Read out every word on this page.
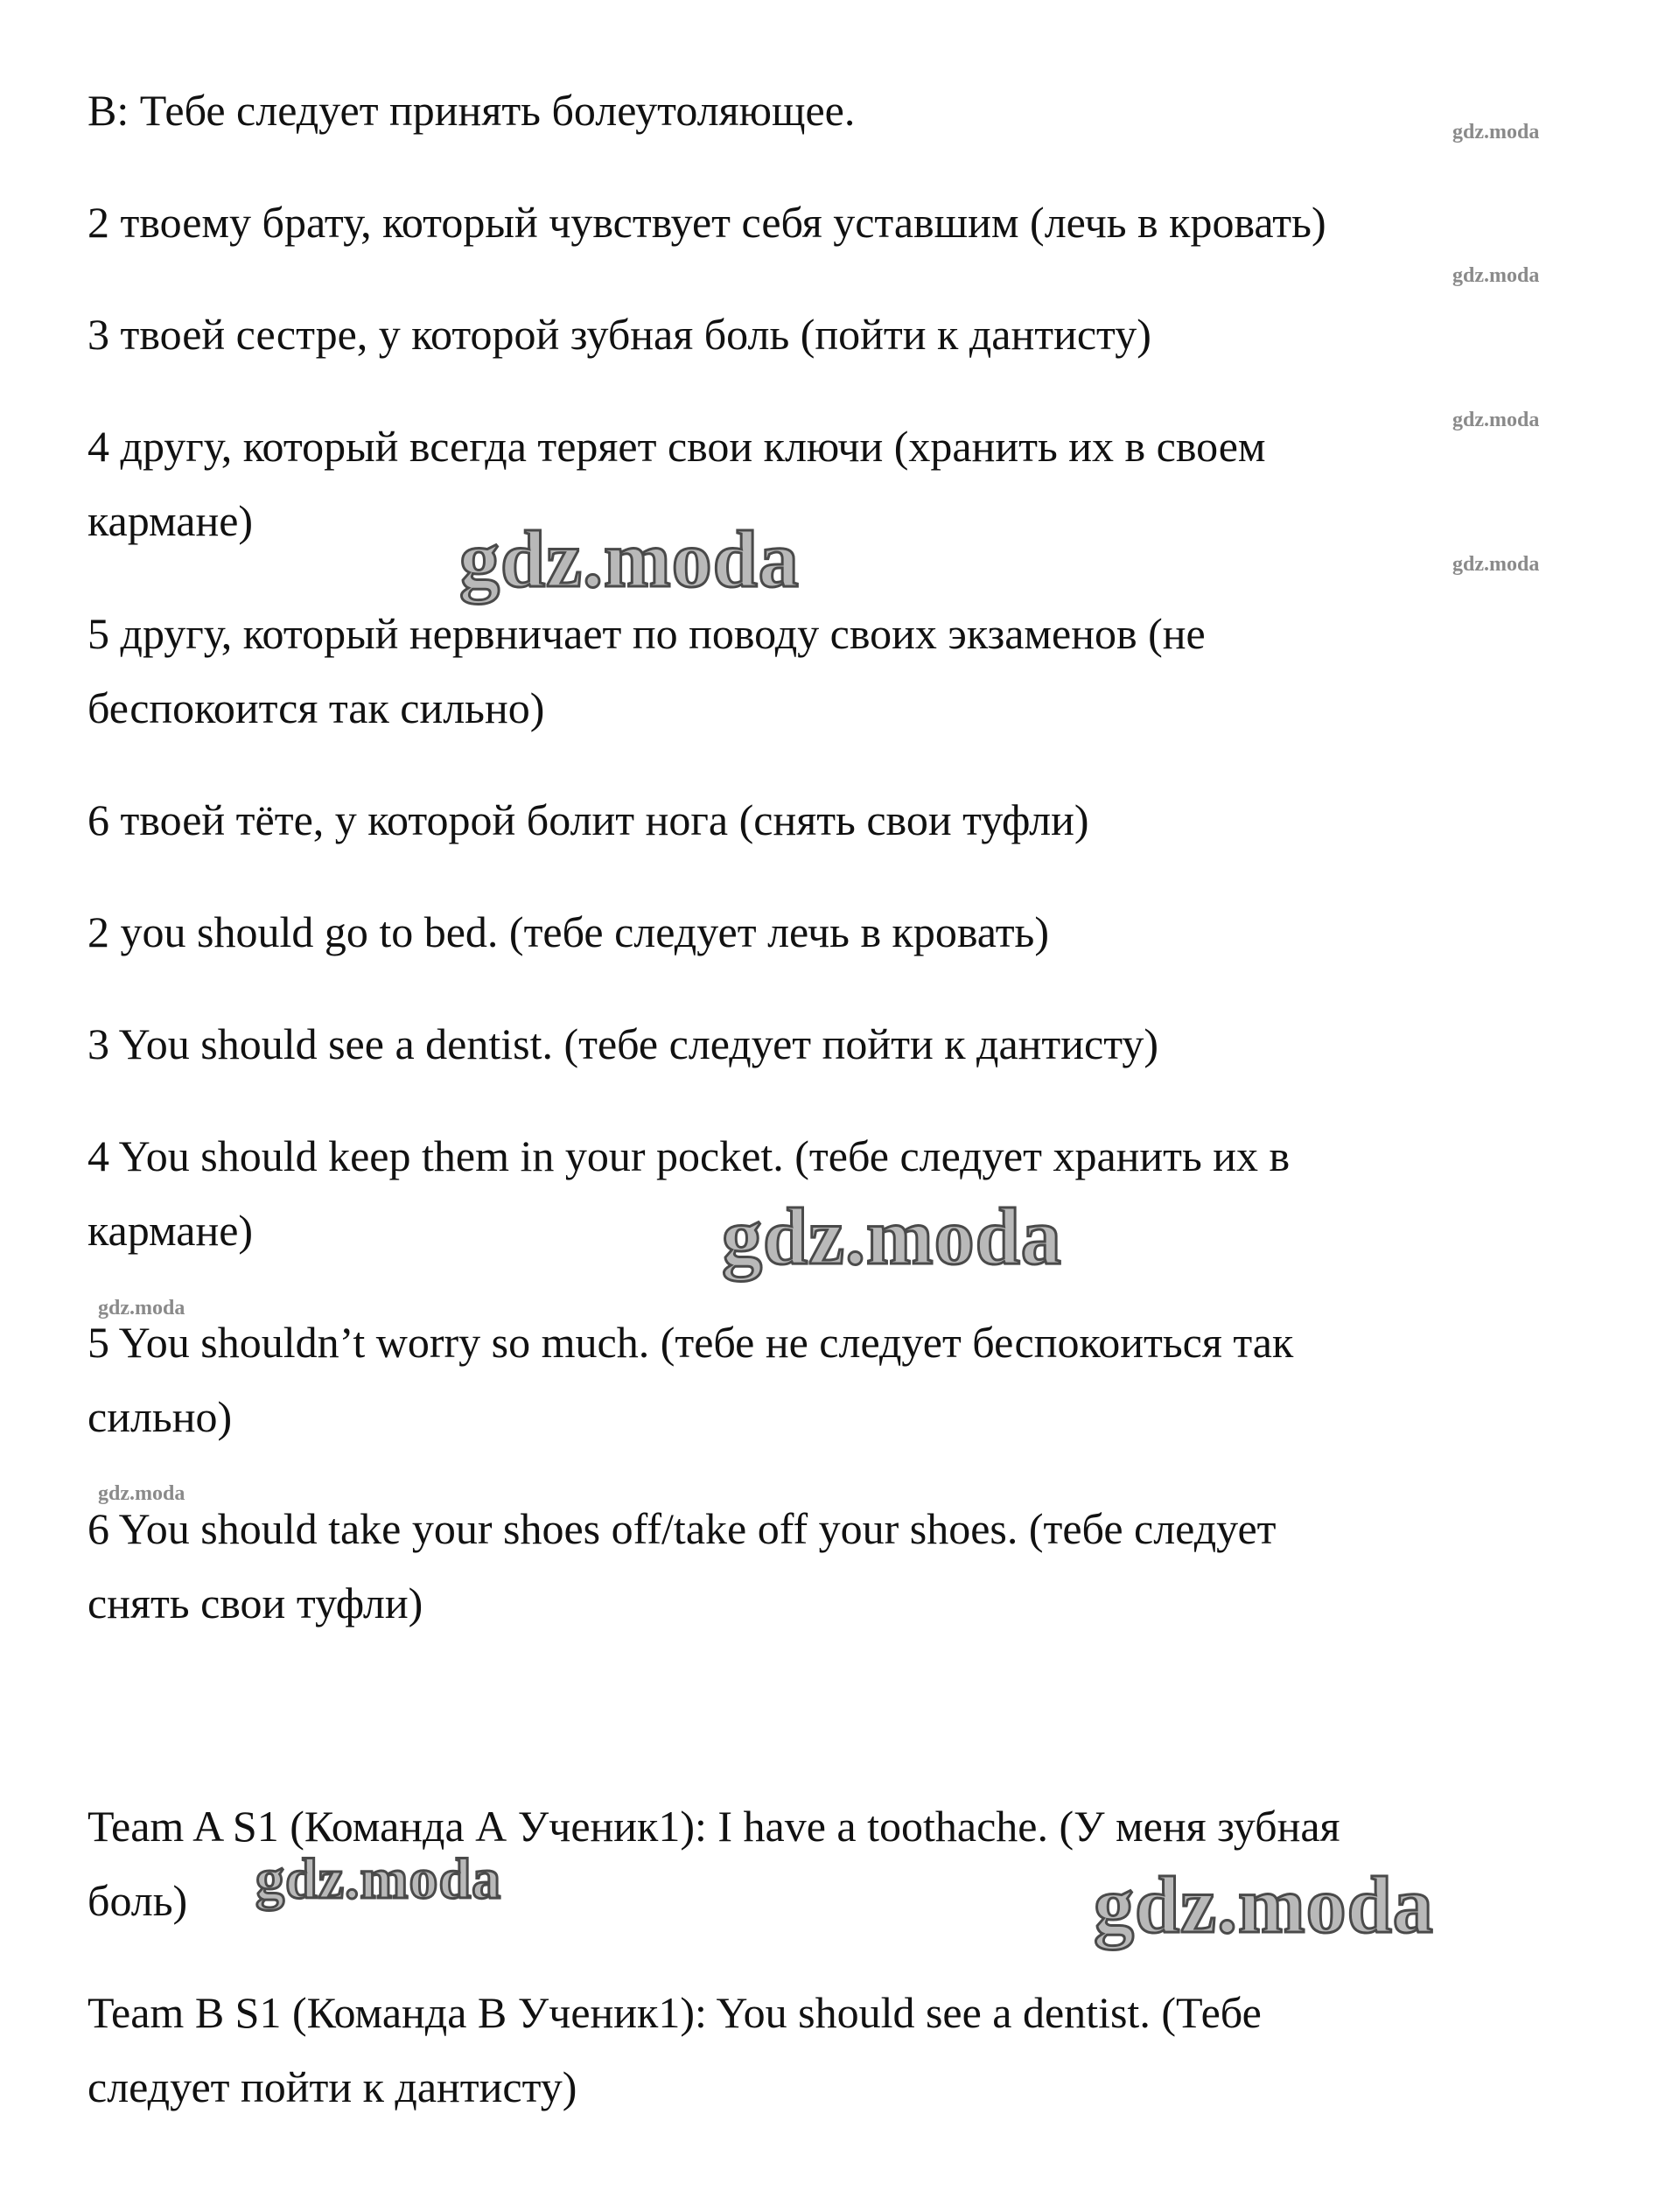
B: Тебе следует принять болеутоляющее.
2 твоему брату, который чувствует себя уставшим (лечь в кровать)
3 твоей сестре, у которой зубная боль (пойти к дантисту)
4 другу, который всегда теряет свои ключи (хранить их в своем
кармане)
5 другу, который нервничает по поводу своих экзаменов (не
беспокоится так сильно)
6 твоей тёте, у которой болит нога (снять свои туфли)
2 you should go to bed. (тебе следует лечь в кровать)
3 You should see a dentist. (тебе следует пойти к дантисту)
4 You should keep them in your pocket. (тебе следует хранить их в
кармане)
5 You shouldn’t worry so much. (тебе не следует беспокоиться так
сильно)
6 You should take your shoes off/take off your shoes. (тебе следует
снять свои туфли)
Team A S1 (Команда А Ученик1): I have a toothache. (У меня зубная
боль)
Team B S1 (Команда В Ученик1): You should see a dentist. (Тебе
следует пойти к дантисту)
gdz.moda
gdz.moda
gdz.moda
gdz.moda
gdz.moda
gdz.moda
gdz.moda
gdz.moda
gdz.moda	gdz.moda
